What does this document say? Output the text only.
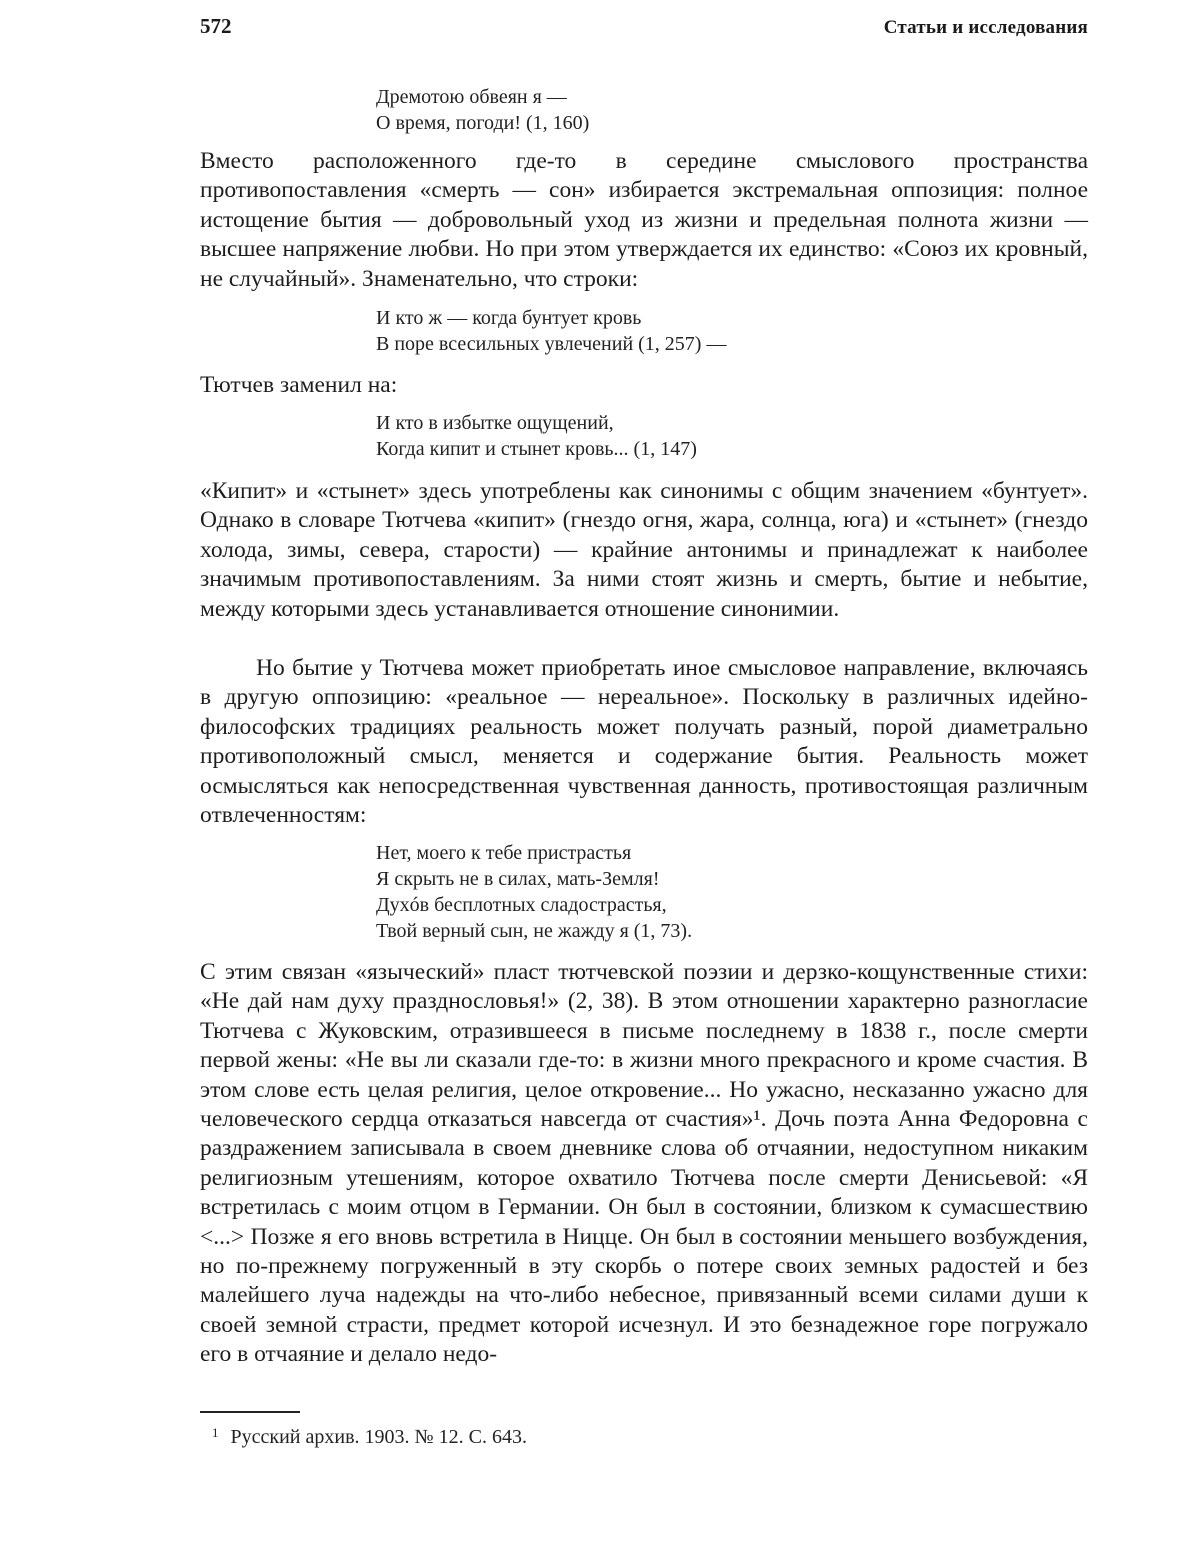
572	Статьи и исследования
Дремотою обвеян я —
О время, погоди! (1, 160)
Вместо расположенного где-то в середине смыслового пространства противопоставления «смерть — сон» избирается экстремальная оппозиция: полное истощение бытия — добровольный уход из жизни и предельная полнота жизни — высшее напряжение любви. Но при этом утверждается их единство: «Союз их кровный, не случайный». Знаменательно, что строки:
И кто ж — когда бунтует кровь
В поре всесильных увлечений (1, 257) —
Тютчев заменил на:
И кто в избытке ощущений,
Когда кипит и стынет кровь... (1, 147)
«Кипит» и «стынет» здесь употреблены как синонимы с общим значением «бунтует». Однако в словаре Тютчева «кипит» (гнездо огня, жара, солнца, юга) и «стынет» (гнездо холода, зимы, севера, старости) — крайние антонимы и принадлежат к наиболее значимым противопоставлениям. За ними стоят жизнь и смерть, бытие и небытие, между которыми здесь устанавливается отношение синонимии.
Но бытие у Тютчева может приобретать иное смысловое направление, включаясь в другую оппозицию: «реальное — нереальное». Поскольку в различных идейно-философских традициях реальность может получать разный, порой диаметрально противоположный смысл, меняется и содержание бытия. Реальность может осмысляться как непосредственная чувственная данность, противостоящая различным отвлеченностям:
Нет, моего к тебе пристрастья
Я скрыть не в силах, мать-Земля!
Духóв бесплотных сладострастья,
Твой верный сын, не жажду я (1, 73).
С этим связан «языческий» пласт тютчевской поэзии и дерзко-кощунственные стихи: «Не дай нам духу празднословья!» (2, 38). В этом отношении характерно разногласие Тютчева с Жуковским, отразившееся в письме последнему в 1838 г., после смерти первой жены: «Не вы ли сказали где-то: в жизни много прекрасного и кроме счастия. В этом слове есть целая религия, целое откровение... Но ужасно, несказанно ужасно для человеческого сердца отказаться навсегда от счастия»¹. Дочь поэта Анна Федоровна с раздражением записывала в своем дневнике слова об отчаянии, недоступном никаким религиозным утешениям, которое охватило Тютчева после смерти Денисьевой: «Я встретилась с моим отцом в Германии. Он был в состоянии, близком к сумасшествию <...> Позже я его вновь встретила в Ницце. Он был в состоянии меньшего возбуждения, но по-прежнему погруженный в эту скорбь о потере своих земных радостей и без малейшего луча надежды на что-либо небесное, привязанный всеми силами души к своей земной страсти, предмет которой исчезнул. И это безнадежное горе погружало его в отчаяние и делало недо-
$^1$ Русский архив. 1903. № 12. С. 643.
